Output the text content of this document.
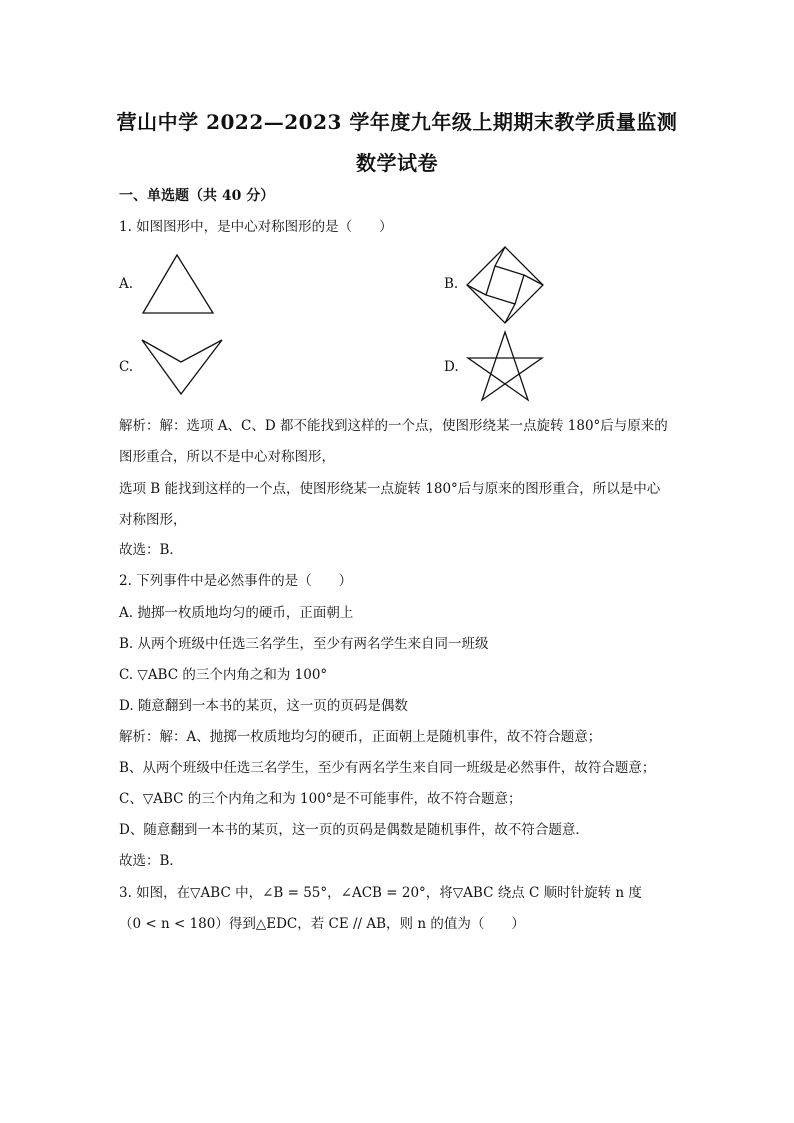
营山中学 2022—2023 学年度九年级上期期末教学质量监测
数学试卷
一、单选题（共 40 分）
1. 如图图形中，是中心对称图形的是（　　）
A.	B.
C.	D.
解析：解：选项 A、C、D 都不能找到这样的一个点，使图形绕某一点旋转 180°后与原来的
图形重合，所以不是中心对称图形，
选项 B 能找到这样的一个点，使图形绕某一点旋转 180°后与原来的图形重合，所以是中心
对称图形，
故选：B．
2. 下列事件中是必然事件的是（　　）
A. 抛掷一枚质地均匀的硬币，正面朝上
B. 从两个班级中任选三名学生，至少有两名学生来自同一班级
C. ▽ABC 的三个内角之和为 100°
D. 随意翻到一本书的某页，这一页的页码是偶数
解析：解：A、抛掷一枚质地均匀的硬币，正面朝上是随机事件，故不符合题意；
B、从两个班级中任选三名学生，至少有两名学生来自同一班级是必然事件，故符合题意；
C、▽ABC 的三个内角之和为 100°是不可能事件，故不符合题意；
D、随意翻到一本书的某页，这一页的页码是偶数是随机事件，故不符合题意．
故选：B．
3. 如图，在▽ABC 中，∠B = 55°，∠ACB = 20°，将▽ABC 绕点 C 顺时针旋转 n 度
（0 < n < 180）得到△EDC，若 CE // AB，则 n 的值为（　　）
